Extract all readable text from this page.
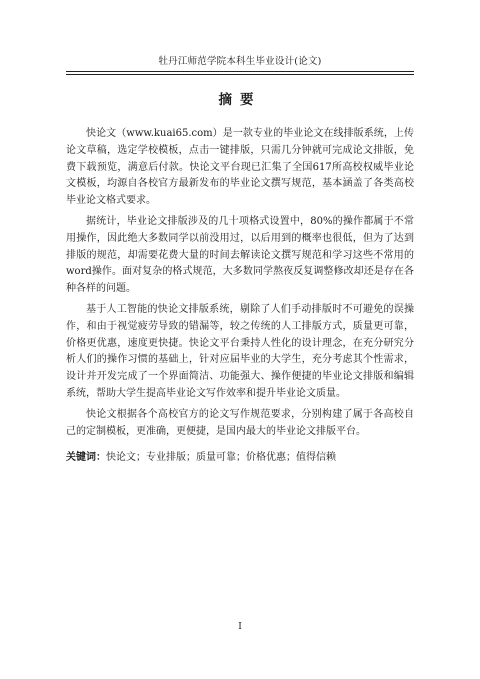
牡丹江师范学院本科生毕业设计(论文)
摘要

快论文（www.kuai65.com）是一款专业的毕业论文在线排版系统，上传论文草稿，选定学校模板，点击一键排版，只需几分钟就可完成论文排版，免费下载预览，满意后付款。快论文平台现已汇集了全国617所高校权威毕业论文模板，均源自各校官方最新发布的毕业论文撰写规范，基本涵盖了各类高校毕业论文格式要求。

据统计，毕业论文排版涉及的几十项格式设置中，80%的操作都属于不常用操作，因此绝大多数同学以前没用过，以后用到的概率也很低，但为了达到排版的规范，却需要花费大量的时间去解读论文撰写规范和学习这些不常用的word操作。面对复杂的格式规范，大多数同学熬夜反复调整修改却还是存在各种各样的问题。

基于人工智能的快论文排版系统，剔除了人们手动排版时不可避免的误操作，和由于视觉疲劳导致的错漏等，较之传统的人工排版方式，质量更可靠，价格更优惠，速度更快捷。快论文平台秉持人性化的设计理念，在充分研究分析人们的操作习惯的基础上，针对应届毕业的大学生，充分考虑其个性需求，设计并开发完成了一个界面简洁、功能强大、操作便捷的毕业论文排版和编辑系统，帮助大学生提高毕业论文写作效率和提升毕业论文质量。

快论文根据各个高校官方的论文写作规范要求，分别构建了属于各高校自己的定制模板，更准确，更便捷，是国内最大的毕业论文排版平台。

关键词：快论文；专业排版；质量可靠；价格优惠；值得信赖
I
